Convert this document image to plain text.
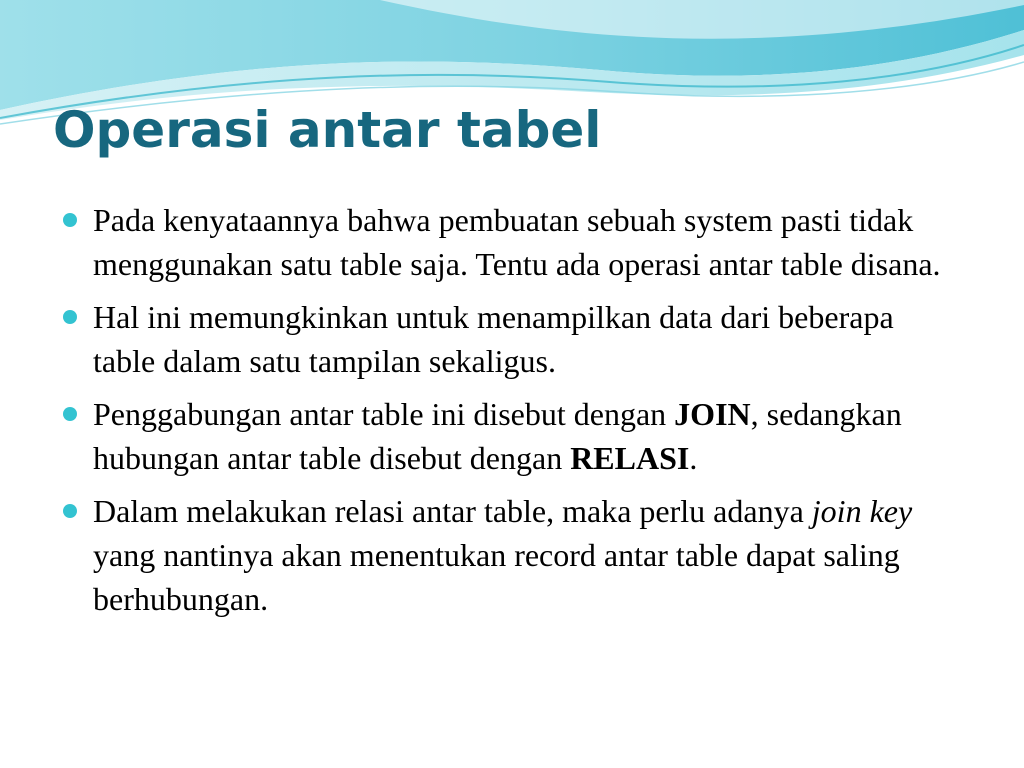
Operasi antar tabel
Pada kenyataannya bahwa pembuatan sebuah system pasti tidak menggunakan satu table saja. Tentu ada operasi antar table disana.
Hal ini memungkinkan untuk menampilkan data dari beberapa table dalam satu tampilan sekaligus.
Penggabungan antar table ini disebut dengan JOIN, sedangkan hubungan antar table disebut dengan RELASI.
Dalam melakukan relasi antar table, maka perlu adanya join key yang nantinya akan menentukan record antar table dapat saling berhubungan.
